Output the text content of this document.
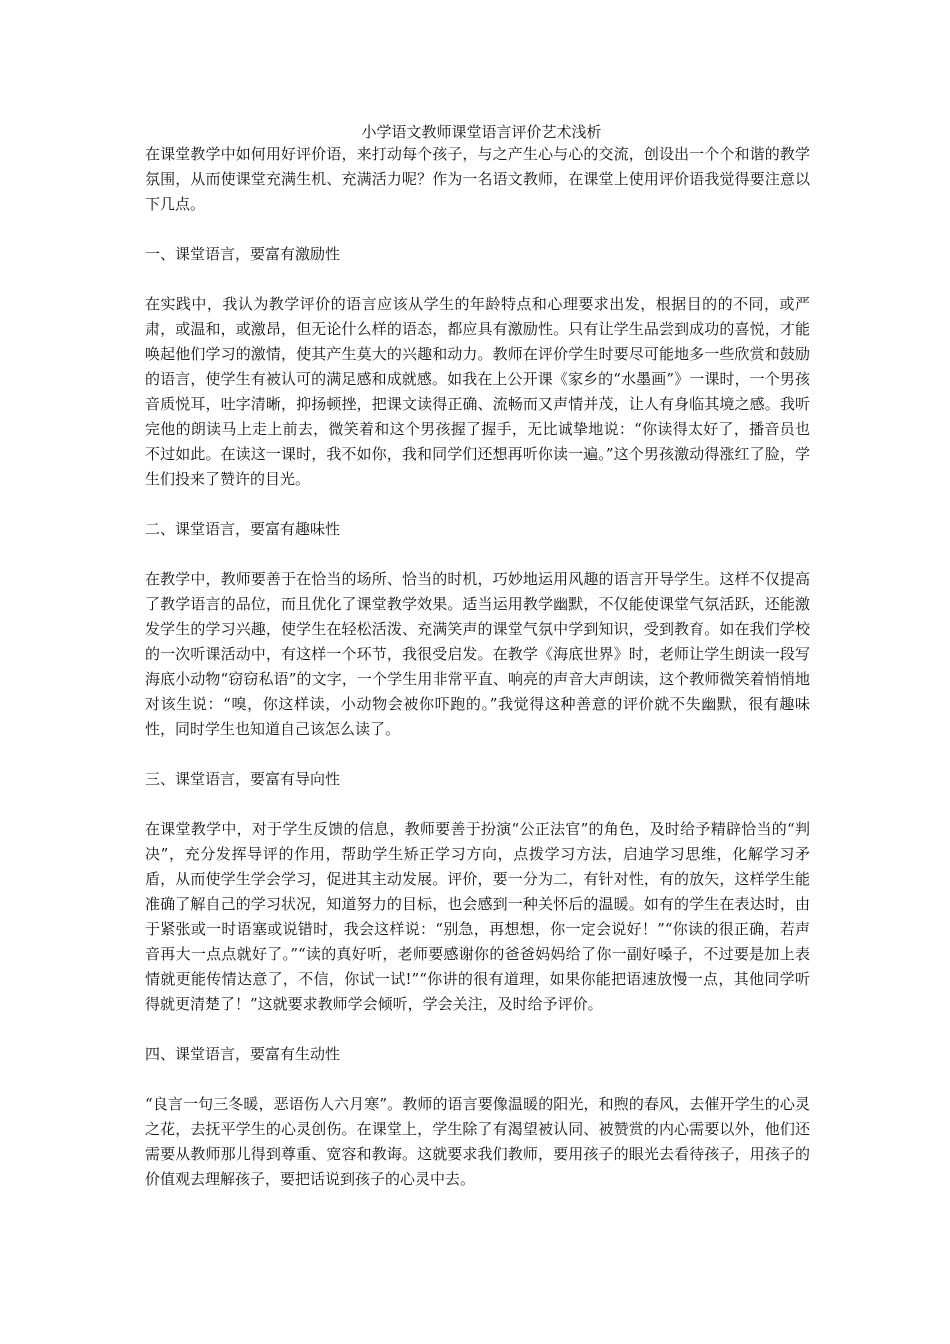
小学语文教师课堂语言评价艺术浅析

在课堂教学中如何用好评价语，来打动每个孩子，与之产生心与心的交流，创设出一个个和谐的教学氛围，从而使课堂充满生机、充满活力呢？作为一名语文教师，在课堂上使用评价语我觉得要注意以下几点。

一、课堂语言，要富有激励性

在实践中，我认为教学评价的语言应该从学生的年龄特点和心理要求出发，根据目的的不同，或严肃，或温和，或激昂，但无论什么样的语态，都应具有激励性。只有让学生品尝到成功的喜悦，才能唤起他们学习的激情，使其产生莫大的兴趣和动力。教师在评价学生时要尽可能地多一些欣赏和鼓励的语言，使学生有被认可的满足感和成就感。如我在上公开课《家乡的“水墨画”》一课时，一个男孩音质悦耳，吐字清晰，抑扬顿挫，把课文读得正确、流畅而又声情并茂，让人有身临其境之感。我听完他的朗读马上走上前去，微笑着和这个男孩握了握手，无比诚挚地说：“你读得太好了，播音员也不过如此。在读这一课时，我不如你，我和同学们还想再听你读一遍。”这个男孩激动得涨红了脸，学生们投来了赞许的目光。

二、课堂语言，要富有趣味性

在教学中，教师要善于在恰当的场所、恰当的时机，巧妙地运用风趣的语言开导学生。这样不仅提高了教学语言的品位，而且优化了课堂教学效果。适当运用教学幽默，不仅能使课堂气氛活跃，还能激发学生的学习兴趣，使学生在轻松活泼、充满笑声的课堂气氛中学到知识，受到教育。如在我们学校的一次听课活动中，有这样一个环节，我很受启发。在教学《海底世界》时，老师让学生朗读一段写海底小动物“窃窃私语”的文字，一个学生用非常平直、响亮的声音大声朗读，这个教师微笑着悄悄地对该生说：“嗅，你这样读，小动物会被你吓跑的。”我觉得这种善意的评价就不失幽默，很有趣味性，同时学生也知道自己该怎么读了。

三、课堂语言，要富有导向性

在课堂教学中，对于学生反馈的信息，教师要善于扮演“公正法官”的角色，及时给予精辟恰当的“判决”，充分发挥导评的作用，帮助学生矫正学习方向，点拨学习方法，启迪学习思维，化解学习矛盾，从而使学生学会学习，促进其主动发展。评价，要一分为二，有针对性，有的放矢，这样学生能准确了解自己的学习状况，知道努力的目标，也会感到一种关怀后的温暖。如有的学生在表达时，由于紧张或一时语塞或说错时，我会这样说：“别急，再想想，你一定会说好！”“你读的很正确，若声音再大一点点就好了。”“读的真好听，老师要感谢你的爸爸妈妈给了你一副好嗓子，不过要是加上表情就更能传情达意了，不信，你试一试!”“你讲的很有道理，如果你能把语速放慢一点，其他同学听得就更清楚了！”这就要求教师学会倾听，学会关注，及时给予评价。

四、课堂语言，要富有生动性

“良言一句三冬暖，恶语伤人六月寒”。教师的语言要像温暖的阳光，和煦的春风，去催开学生的心灵之花，去抚平学生的心灵创伤。在课堂上，学生除了有渴望被认同、被赞赏的内心需要以外，他们还需要从教师那儿得到尊重、宽容和教诲。这就要求我们教师，要用孩子的眼光去看待孩子，用孩子的价值观去理解孩子，要把话说到孩子的心灵中去。
